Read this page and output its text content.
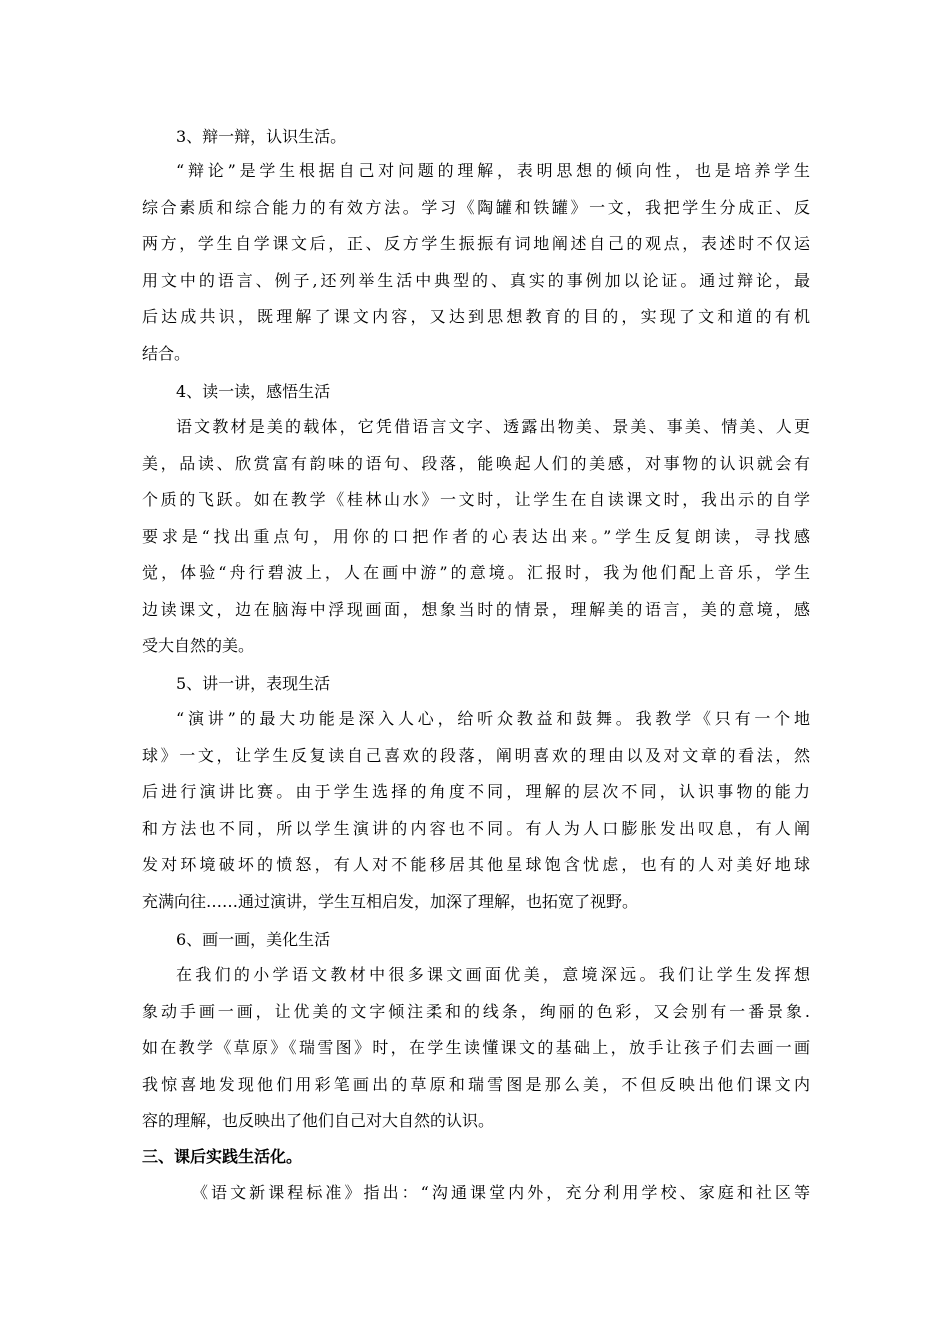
3、辩一辩，认识生活。

“辩论”是学生根据自己对问题的理解，表明思想的倾向性，也是培养学生

综合素质和综合能力的有效方法。学习《陶罐和铁罐》一文，我把学生分成正、反

两方，学生自学课文后，正、反方学生振振有词地阐述自己的观点，表述时不仅运

用文中的语言、例子,还列举生活中典型的、真实的事例加以论证。通过辩论，最

后达成共识，既理解了课文内容，又达到思想教育的目的，实现了文和道的有机

结合。

4、读一读，感悟生活

语文教材是美的载体，它凭借语言文字、透露出物美、景美、事美、情美、人更

美，品读、欣赏富有韵味的语句、段落，能唤起人们的美感，对事物的认识就会有

个质的飞跃。如在教学《桂林山水》一文时，让学生在自读课文时，我出示的自学

要求是“找出重点句，用你的口把作者的心表达出来。”学生反复朗读，寻找感

觉，体验“舟行碧波上，人在画中游”的意境。汇报时，我为他们配上音乐，学生

边读课文，边在脑海中浮现画面，想象当时的情景，理解美的语言，美的意境，感

受大自然的美。

5、讲一讲，表现生活

“演讲”的最大功能是深入人心，给听众教益和鼓舞。我教学《只有一个地

球》一文，让学生反复读自己喜欢的段落，阐明喜欢的理由以及对文章的看法，然

后进行演讲比赛。由于学生选择的角度不同，理解的层次不同，认识事物的能力

和方法也不同，所以学生演讲的内容也不同。有人为人口膨胀发出叹息，有人阐

发对环境破坏的愤怒，有人对不能移居其他星球饱含忧虑，也有的人对美好地球

充满向往……通过演讲，学生互相启发，加深了理解，也拓宽了视野。

6、画一画，美化生活

在我们的小学语文教材中很多课文画面优美，意境深远。我们让学生发挥想

象动手画一画，让优美的文字倾注柔和的线条，绚丽的色彩，又会别有一番景象.

如在教学《草原》《瑞雪图》时，在学生读懂课文的基础上，放手让孩子们去画一画

我惊喜地发现他们用彩笔画出的草原和瑞雪图是那么美，不但反映出他们课文内

容的理解，也反映出了他们自己对大自然的认识。

三、课后实践生活化。

《语文新课程标准》指出：“沟通课堂内外，充分利用学校、家庭和社区等
